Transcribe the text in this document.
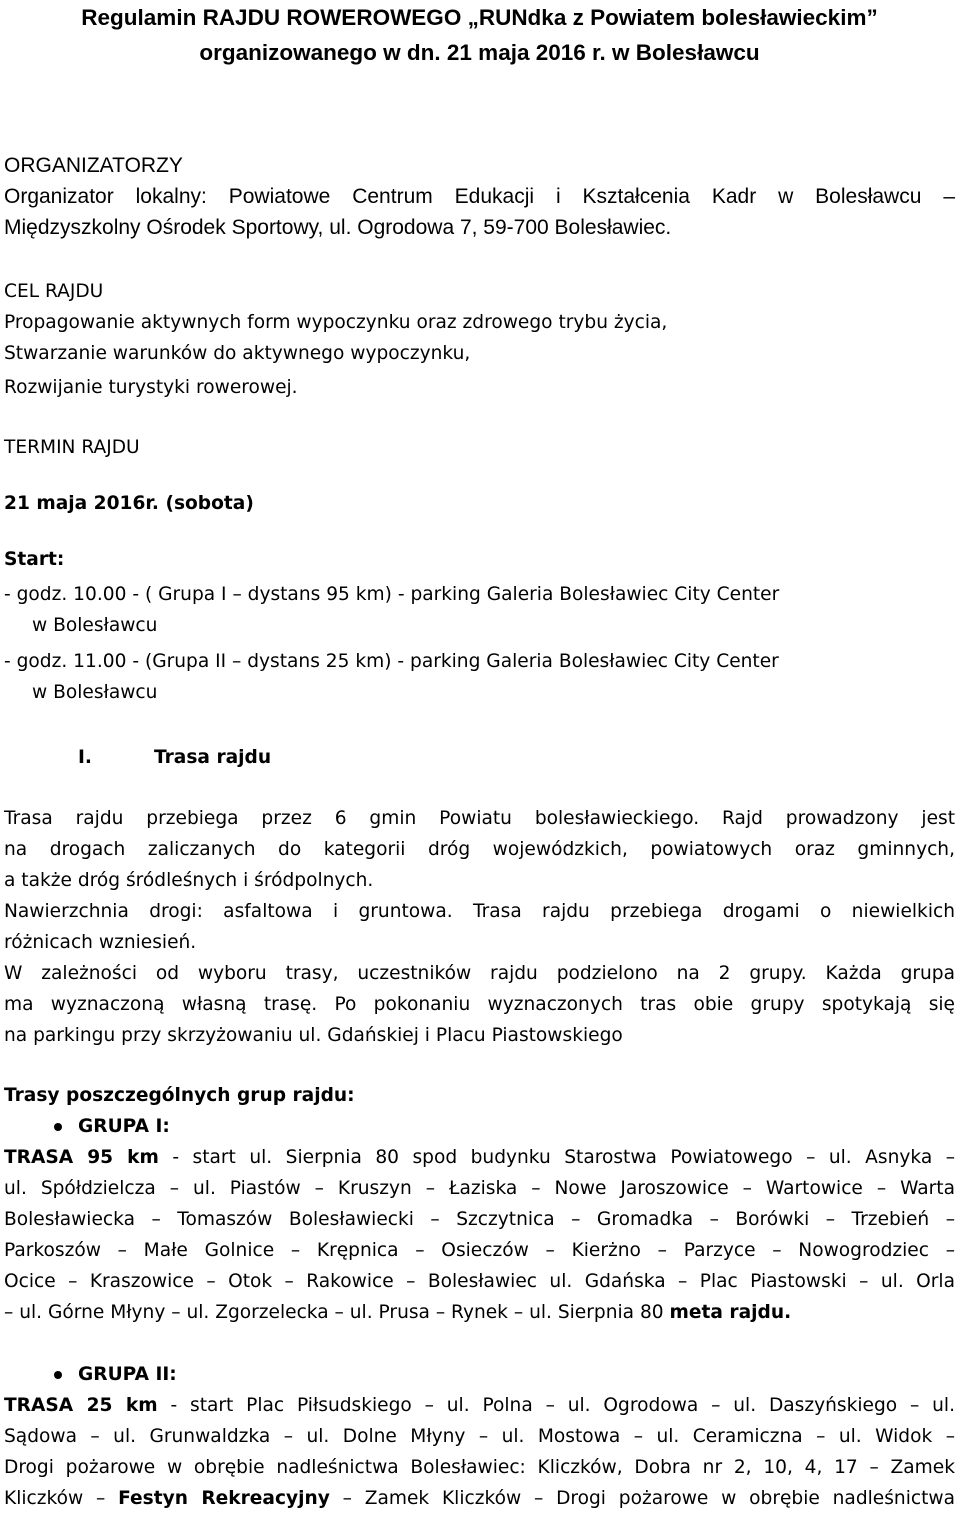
Regulamin RAJDU ROWEROWEGO „RUNdka z Powiatem bolesławieckim”

organizowanego w dn. 21 maja 2016 r. w Bolesławcu

ORGANIZATORZY

Organizator lokalny: Powiatowe Centrum Edukacji i Kształcenia Kadr w Bolesławcu –

Międzyszkolny Ośrodek Sportowy, ul. Ogrodowa 7, 59-700 Bolesławiec.

CEL RAJDU

Propagowanie aktywnych form wypoczynku oraz zdrowego trybu życia,

Stwarzanie warunków do aktywnego wypoczynku,

Rozwijanie turystyki rowerowej.

TERMIN RAJDU

21 maja 2016r. (sobota)

Start:

- godz. 10.00 - ( Grupa I – dystans 95 km) - parking Galeria Bolesławiec City Center

w Bolesławcu

- godz. 11.00 - (Grupa II – dystans 25 km) - parking Galeria Bolesławiec City Center

w Bolesławcu

I.	Trasa rajdu

Trasa rajdu przebiega przez 6 gmin Powiatu bolesławieckiego. Rajd prowadzony jest

na drogach zaliczanych do kategorii dróg wojewódzkich, powiatowych oraz gminnych,

a także dróg śródleśnych i śródpolnych.

Nawierzchnia drogi: asfaltowa i gruntowa. Trasa rajdu przebiega drogami o niewielkich

różnicach wzniesień.

W zależności od wyboru trasy, uczestników rajdu podzielono na 2 grupy. Każda grupa

ma wyznaczoną własną trasę. Po pokonaniu wyznaczonych tras obie grupy spotykają się

na parkingu przy skrzyżowaniu ul. Gdańskiej i Placu Piastowskiego

Trasy poszczególnych grup rajdu:

GRUPA I:

TRASA 95 km - start ul. Sierpnia 80 spod budynku Starostwa Powiatowego – ul. Asnyka –

ul. Spółdzielcza – ul. Piastów – Kruszyn – Łaziska – Nowe Jaroszowice – Wartowice – Warta

Bolesławiecka – Tomaszów Bolesławiecki – Szczytnica – Gromadka – Borówki – Trzebień –

Parkoszów – Małe Golnice – Krępnica – Osieczów – Kierżno – Parzyce – Nowogrodziec –

Ocice – Kraszowice – Otok – Rakowice – Bolesławiec ul. Gdańska – Plac Piastowski – ul. Orla

– ul. Górne Młyny – ul. Zgorzelecka – ul. Prusa – Rynek – ul. Sierpnia 80 meta rajdu.

GRUPA II:

TRASA 25 km - start Plac Piłsudskiego – ul. Polna – ul. Ogrodowa – ul. Daszyńskiego – ul.

Sądowa – ul. Grunwaldzka – ul. Dolne Młyny – ul. Mostowa – ul. Ceramiczna – ul. Widok –

Drogi pożarowe w obrębie nadleśnictwa Bolesławiec: Kliczków, Dobra nr 2, 10, 4, 17 – Zamek

Kliczków – Festyn Rekreacyjny – Zamek Kliczków – Drogi pożarowe w obrębie nadleśnictwa
